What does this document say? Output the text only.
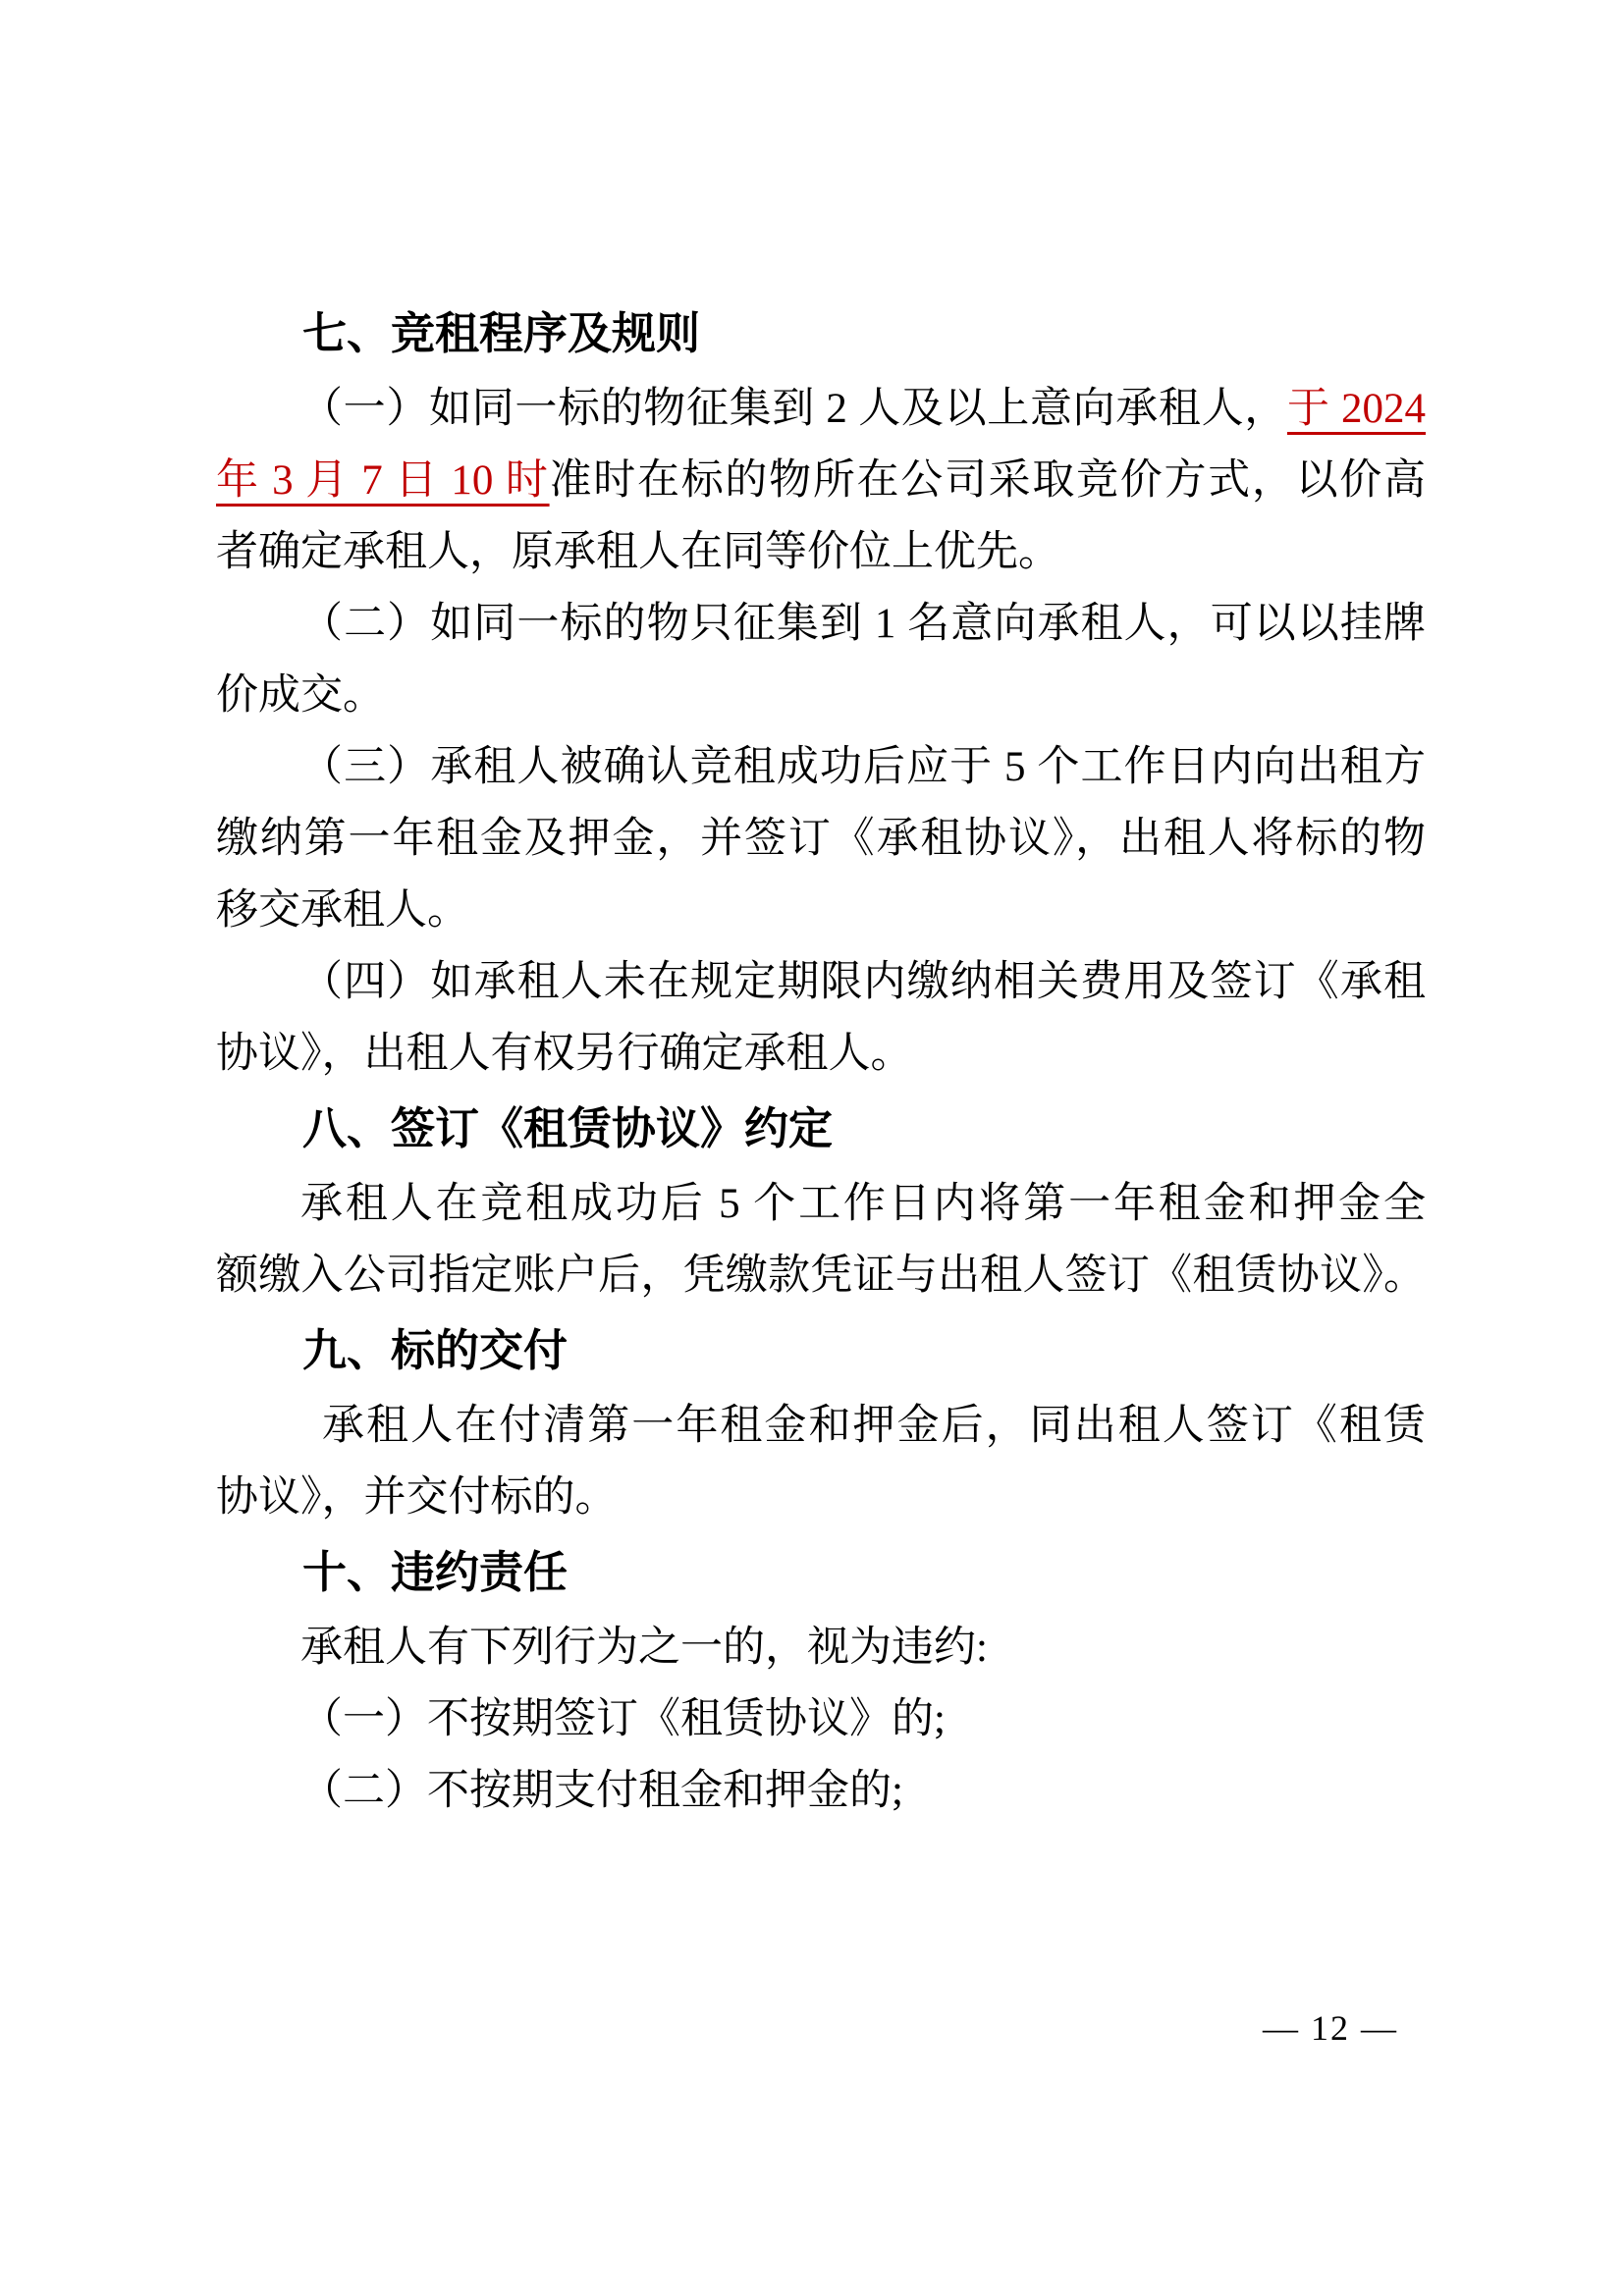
七、竞租程序及规则
（一）如同一标的物征集到 2 人及以上意向承租人，于 2024
年 3 月 7 日 10 时准时在标的物所在公司采取竞价方式，以价高
者确定承租人，原承租人在同等价位上优先。
（二）如同一标的物只征集到 1 名意向承租人，可以以挂牌
价成交。
（三）承租人被确认竞租成功后应于 5 个工作日内向出租方
缴纳第一年租金及押金，并签订《承租协议》，出租人将标的物
移交承租人。
（四）如承租人未在规定期限内缴纳相关费用及签订《承租
协议》，出租人有权另行确定承租人。
八、签订《租赁协议》约定
承租人在竞租成功后 5 个工作日内将第一年租金和押金全
额缴入公司指定账户后，凭缴款凭证与出租人签订《租赁协议》。
九、标的交付
承租人在付清第一年租金和押金后，同出租人签订《租赁
协议》，并交付标的。
十、违约责任
承租人有下列行为之一的，视为违约:
（一）不按期签订《租赁协议》的;
（二）不按期支付租金和押金的;
— 12 —
